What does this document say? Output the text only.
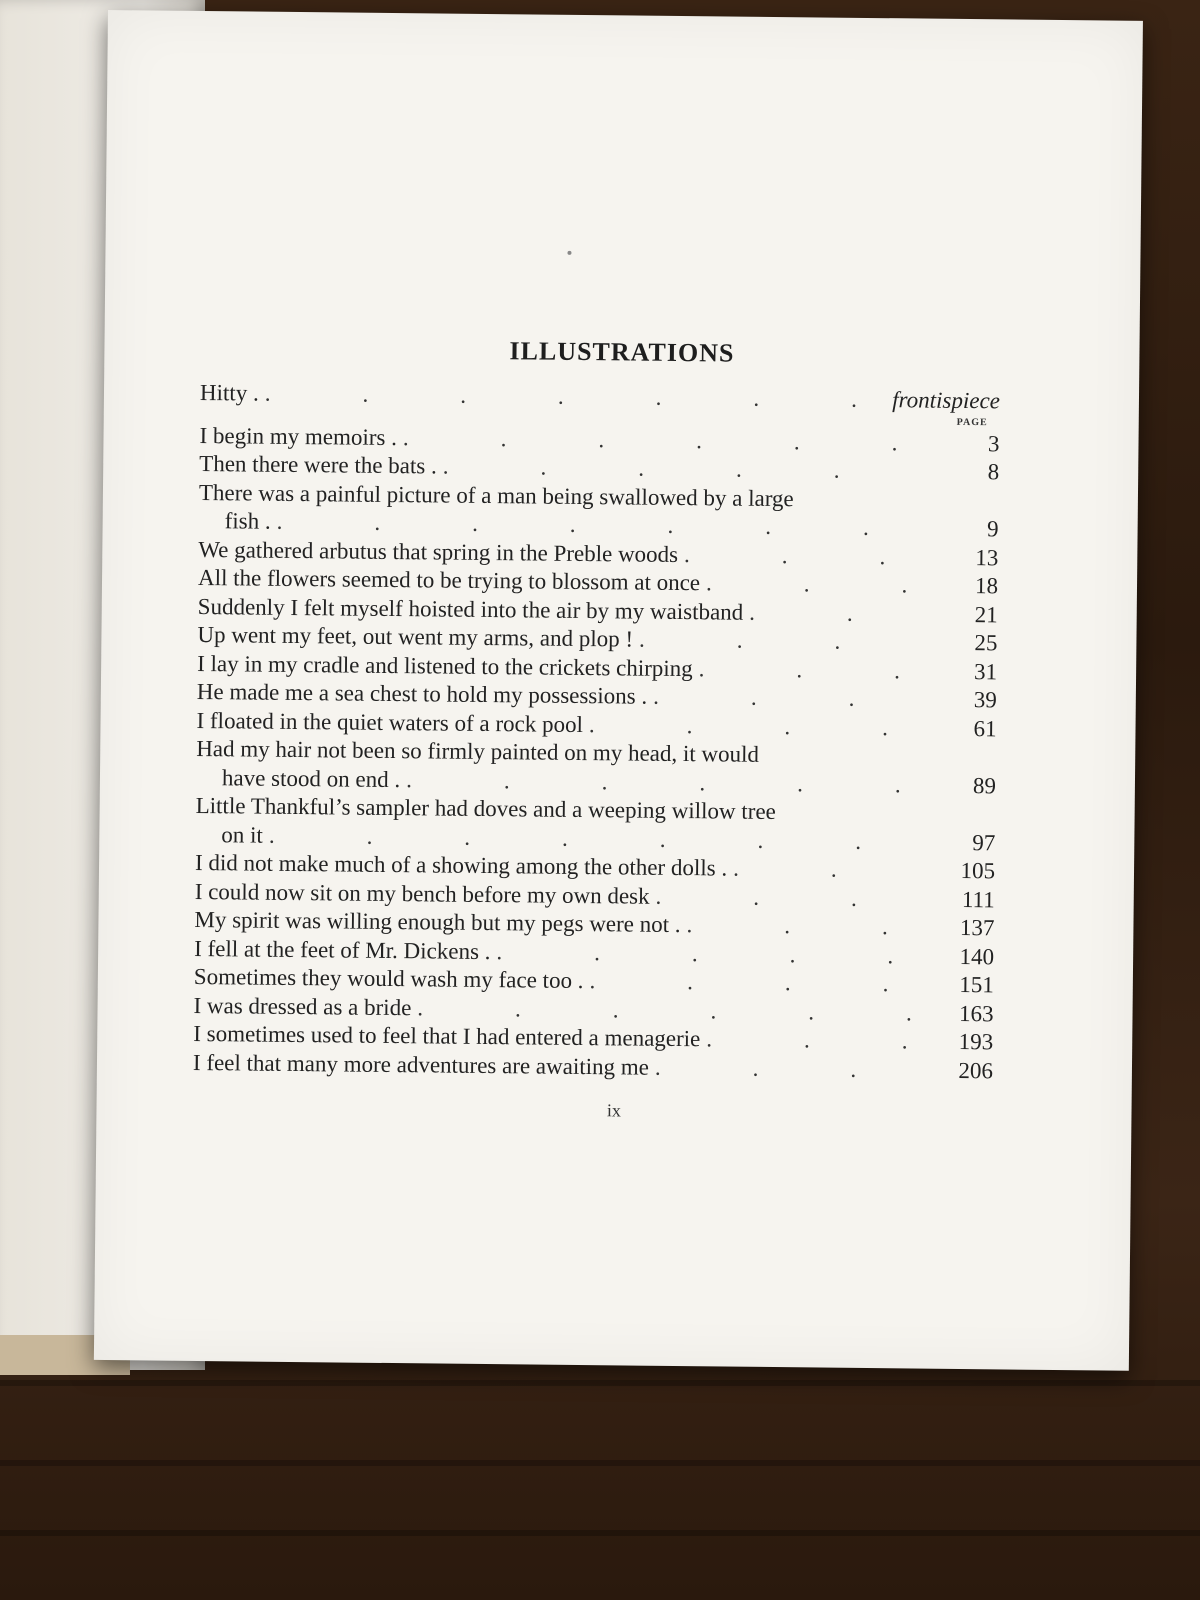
ILLUSTRATIONS
Hitty . .	frontispiece
PAGE
I begin my memoirs . .	3
Then there were the bats . .	8
There was a painful picture of a man being swallowed by a large
fish . .	9
We gathered arbutus that spring in the Preble woods .	13
All the flowers seemed to be trying to blossom at once .	18
Suddenly I felt myself hoisted into the air by my waistband .	21
Up went my feet, out went my arms, and plop ! .	25
I lay in my cradle and listened to the crickets chirping .	31
He made me a sea chest to hold my possessions . .	39
I floated in the quiet waters of a rock pool .	61
Had my hair not been so firmly painted on my head, it would
have stood on end . .	89
Little Thankful’s sampler had doves and a weeping willow tree
on it .	97
I did not make much of a showing among the other dolls . .	105
I could now sit on my bench before my own desk .	111
My spirit was willing enough but my pegs were not . .	137
I fell at the feet of Mr. Dickens . .	140
Sometimes they would wash my face too . .	151
I was dressed as a bride .	163
I sometimes used to feel that I had entered a menagerie .	193
I feel that many more adventures are awaiting me .	206
ix
